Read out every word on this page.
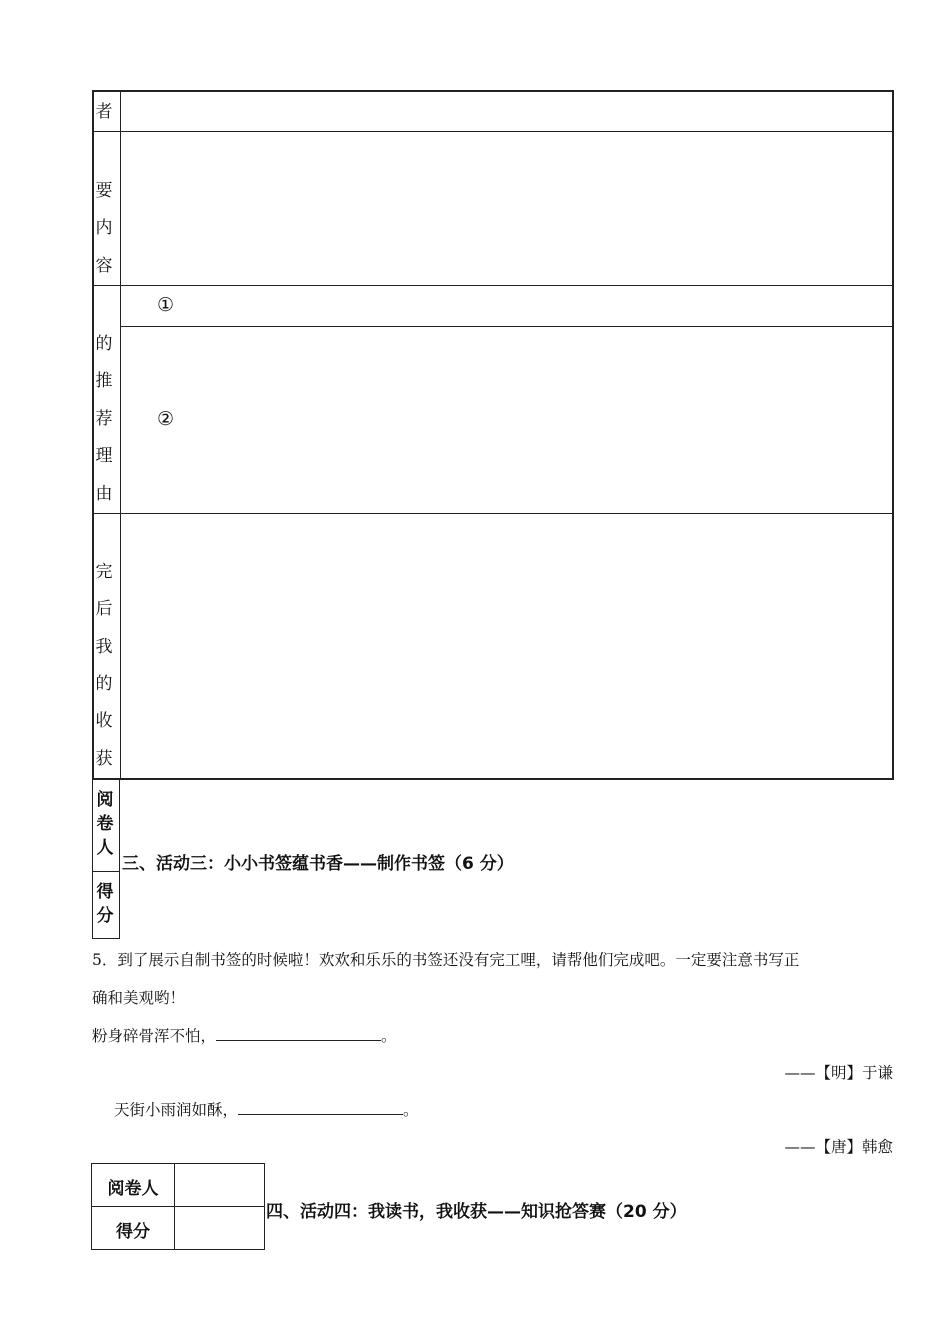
者
要
内
容
的
推
荐
理
由
①
②
完
后
我
的
收
获
阅卷人
得分
三、活动三：小小书签蕴书香——制作书签（6 分）
5．到了展示自制书签的时候啦！欢欢和乐乐的书签还没有完工哩，请帮他们完成吧。一定要注意书写正
确和美观哟！
粉身碎骨浑不怕，	。
——【明】于谦
天街小雨润如酥，	。
——【唐】韩愈
阅卷人
得分
四、活动四：我读书，我收获——知识抢答赛（20 分）
